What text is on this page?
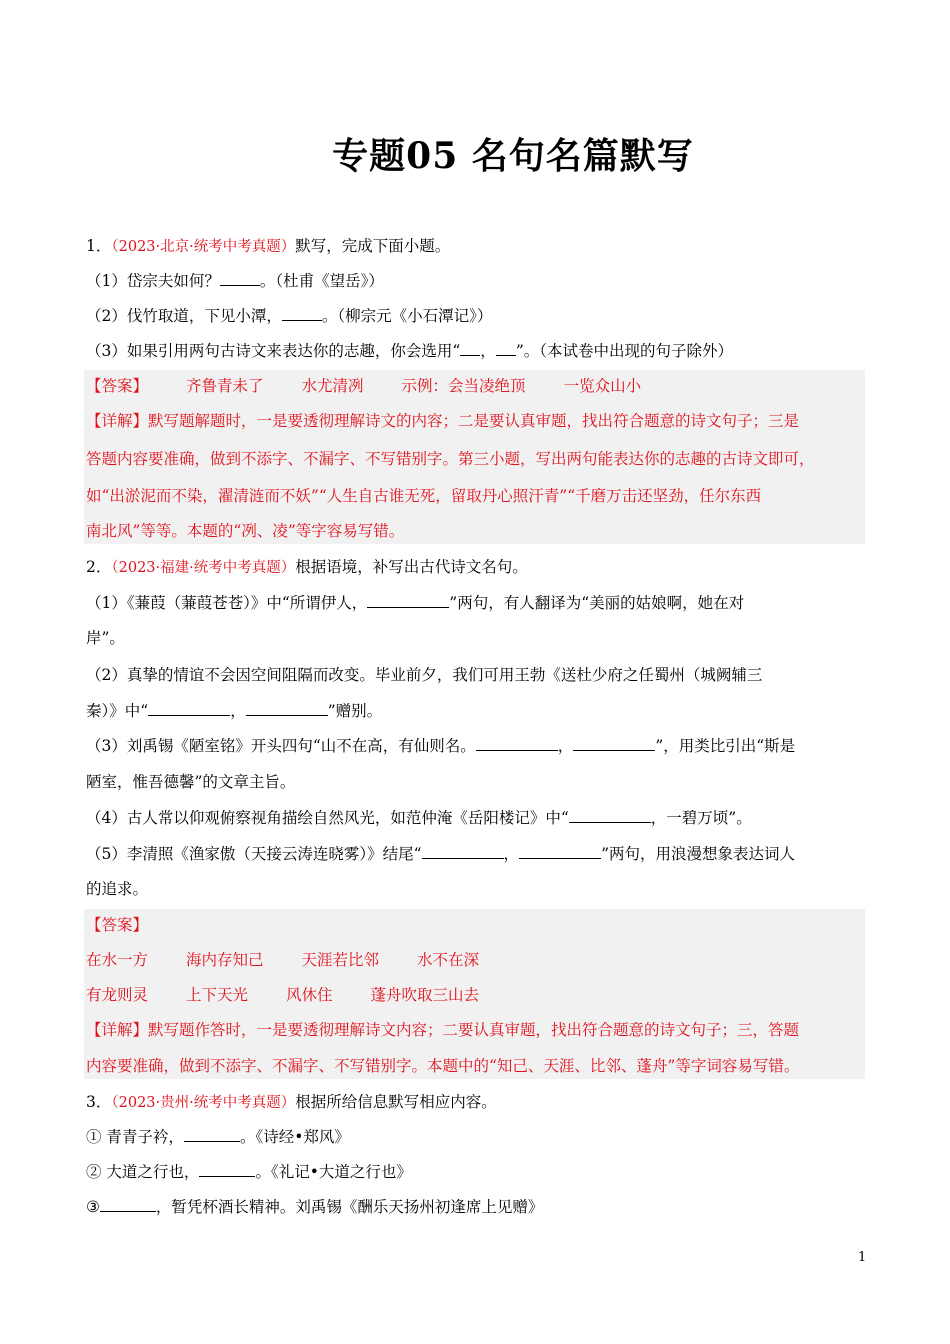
专题05 名句名篇默写
1．（2023·北京·统考中考真题）默写，完成下面小题。
（1）岱宗夫如何？	。（杜甫《望岳》）
（2）伐竹取道，下见小潭，	。（柳宗元《小石潭记》）
（3）如果引用两句古诗文来表达你的志趣，你会选用“ ， ”。（本试卷中出现的句子除外）
【答案】 齐鲁青未了 水尤清冽 示例：会当凌绝顶 一览众山小
【详解】默写题解题时，一是要透彻理解诗文的内容；二是要认真审题，找出符合题意的诗文句子；三是
答题内容要准确，做到不添字、不漏字、不写错别字。第三小题，写出两句能表达你的志趣的古诗文即可，
如“出淤泥而不染，濯清涟而不妖”“人生自古谁无死，留取丹心照汗青”“千磨万击还坚劲，任尔东西
南北风”等等。本题的“冽、凌”等字容易写错。
2．（2023·福建·统考中考真题）根据语境，补写出古代诗文名句。
（1）《蒹葭（蒹葭苍苍）》中“所谓伊人，	”两句，有人翻译为“美丽的姑娘啊，她在对
岸”。
（2）真挚的情谊不会因空间阻隔而改变。毕业前夕，我们可用王勃《送杜少府之任蜀州（城阙辅三
秦）》中“	，	”赠别。
（3）刘禹锡《陋室铭》开头四句“山不在高，有仙则名。	，	”，用类比引出“斯是
陋室，惟吾德馨”的文章主旨。
（4）古人常以仰观俯察视角描绘自然风光，如范仲淹《岳阳楼记》中“	，一碧万顷”。
（5）李清照《渔家傲（天接云涛连晓雾）》结尾“	，	”两句，用浪漫想象表达词人
的追求。
【答案】
在水一方 海内存知己 天涯若比邻 水不在深
有龙则灵 上下天光 风休住 蓬舟吹取三山去
【详解】默写题作答时，一是要透彻理解诗文内容；二要认真审题，找出符合题意的诗文句子；三，答题
内容要准确，做到不添字、不漏字、不写错别字。本题中的“知己、天涯、比邻、蓬舟”等字词容易写错。
3．（2023·贵州·统考中考真题）根据所给信息默写相应内容。
① 青青子衿，	。《诗经•郑风》
② 大道之行也，	。《礼记•大道之行也》
③	，暂凭杯酒长精神。刘禹锡《酬乐天扬州初逢席上见赠》
1
